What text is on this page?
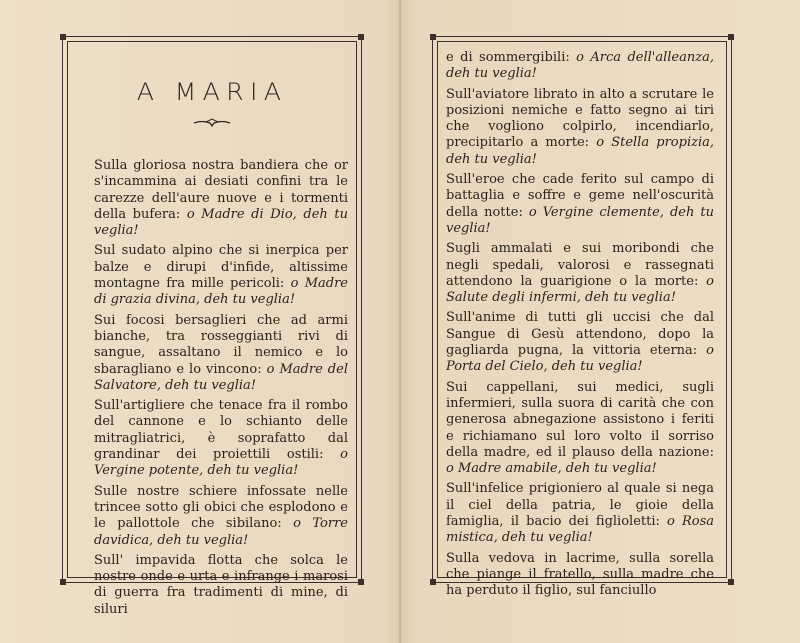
A MARIA

Sulla gloriosa nostra bandiera che or s'incammina ai desiati confini tra le carezze dell'aure nuove e i tormenti della bufera: o Madre di Dio, deh tu veglia!

Sul sudato alpino che si inerpica per balze e dirupi d'infide, altissime montagne fra mille pericoli: o Madre di grazia divina, deh tu veglia!

Sui focosi bersaglieri che ad armi bianche, tra rosseggianti rivi di sangue, assaltano il nemico e lo sbaragliano e lo vincono: o Madre del Salvatore, deh tu veglia!

Sull'artigliere che tenace fra il rombo del cannone e lo schianto delle mitragliatrici, è soprafatto dal grandinar dei proiettili ostili: o Vergine potente, deh tu veglia!

Sulle nostre schiere infossate nelle trincee sotto gli obici che esplodono e le pallottole che sibilano: o Torre davidica, deh tu veglia!

Sull' impavida flotta che solca le nostre onde e urta e infrange i marosi di guerra fra tradimenti di mine, di siluri

e di sommergibili: o Arca dell'alleanza, deh tu veglia!

Sull'aviatore librato in alto a scrutare le posizioni nemiche e fatto segno ai tiri che vogliono colpirlo, incendiarlo, precipitarlo a morte: o Stella propizia, deh tu veglia!

Sull'eroe che cade ferito sul campo di battaglia e soffre e geme nell'oscurità della notte: o Vergine clemente, deh tu veglia!

Sugli ammalati e sui moribondi che negli spedali, valorosi e rassegnati attendono la guarigione o la morte: o Salute degli infermi, deh tu veglia!

Sull'anime di tutti gli uccisi che dal Sangue di Gesù attendono, dopo la gagliarda pugna, la vittoria eterna: o Porta del Cielo, deh tu veglia!

Sui cappellani, sui medici, sugli infermieri, sulla suora di carità che con generosa abnegazione assistono i feriti e richiamano sul loro volto il sorriso della madre, ed il plauso della nazione: o Madre amabile, deh tu veglia!

Sull'infelice prigioniero al quale si nega il ciel della patria, le gioie della famiglia, il bacio dei figlioletti: o Rosa mistica, deh tu veglia!

Sulla vedova in lacrime, sulla sorella che piange il fratello, sulla madre che ha perduto il figlio, sul fanciullo
